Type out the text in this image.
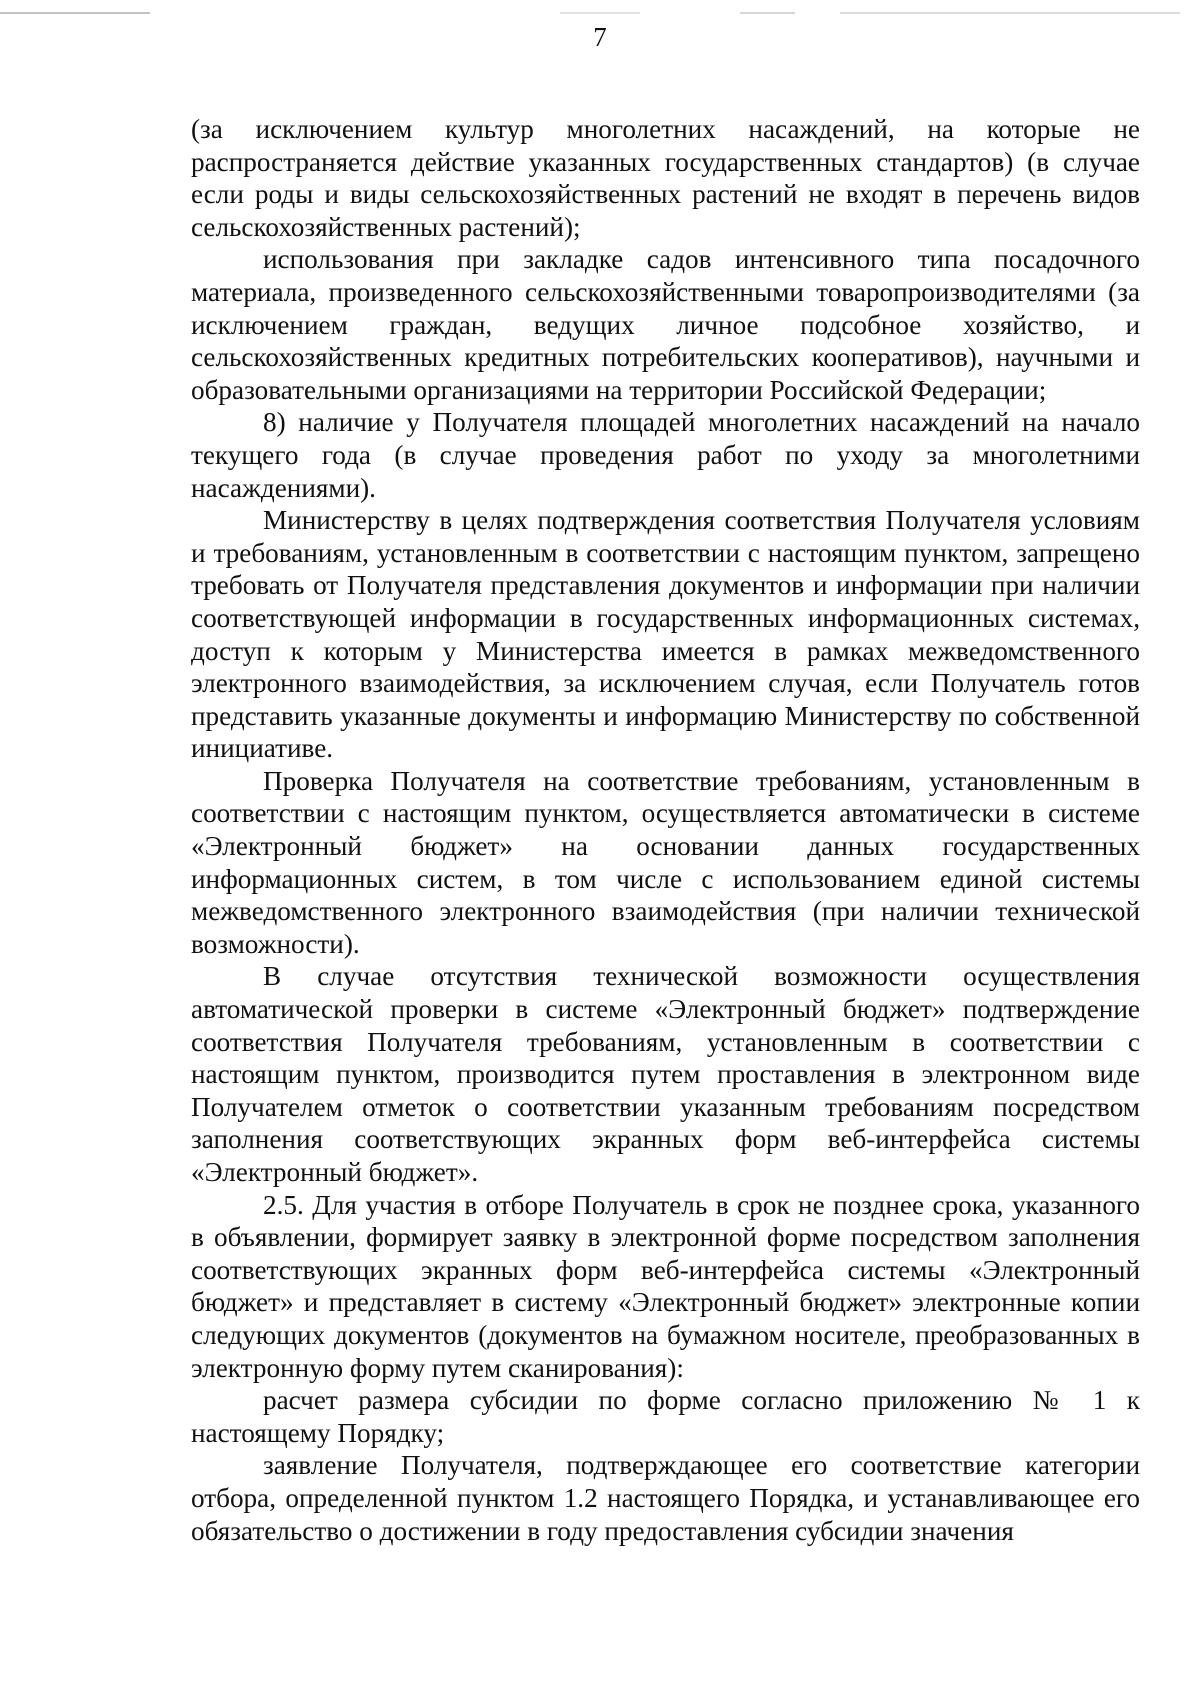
7

(за исключением культур многолетних насаждений, на которые не распространяется действие указанных государственных стандартов) (в случае если роды и виды сельскохозяйственных растений не входят в перечень видов сельскохозяйственных растений);

использования при закладке садов интенсивного типа посадочного материала, произведенного сельскохозяйственными товаропроизводителями (за исключением граждан, ведущих личное подсобное хозяйство, и сельскохозяйственных кредитных потребительских кооперативов), научными и образовательными организациями на территории Российской Федерации;

8) наличие у Получателя площадей многолетних насаждений на начало текущего года (в случае проведения работ по уходу за многолетними насаждениями).

Министерству в целях подтверждения соответствия Получателя условиям и требованиям, установленным в соответствии с настоящим пунктом, запрещено требовать от Получателя представления документов и информации при наличии соответствующей информации в государственных информационных системах, доступ к которым у Министерства имеется в рамках межведомственного электронного взаимодействия, за исключением случая, если Получатель готов представить указанные документы и информацию Министерству по собственной инициативе.

Проверка Получателя на соответствие требованиям, установленным в соответствии с настоящим пунктом, осуществляется автоматически в системе «Электронный бюджет» на основании данных государственных информационных систем, в том числе с использованием единой системы межведомственного электронного взаимодействия (при наличии технической возможности).

В случае отсутствия технической возможности осуществления автоматической проверки в системе «Электронный бюджет» подтверждение соответствия Получателя требованиям, установленным в соответствии с настоящим пунктом, производится путем проставления в электронном виде Получателем отметок о соответствии указанным требованиям посредством заполнения соответствующих экранных форм веб-интерфейса системы «Электронный бюджет».

2.5. Для участия в отборе Получатель в срок не позднее срока, указанного в объявлении, формирует заявку в электронной форме посредством заполнения соответствующих экранных форм веб-интерфейса системы «Электронный бюджет» и представляет в систему «Электронный бюджет» электронные копии следующих документов (документов на бумажном носителе, преобразованных в электронную форму путем сканирования):

расчет размера субсидии по форме согласно приложению № 1 к настоящему Порядку;

заявление Получателя, подтверждающее его соответствие категории отбора, определенной пунктом 1.2 настоящего Порядка, и устанавливающее его обязательство о достижении в году предоставления субсидии значения
